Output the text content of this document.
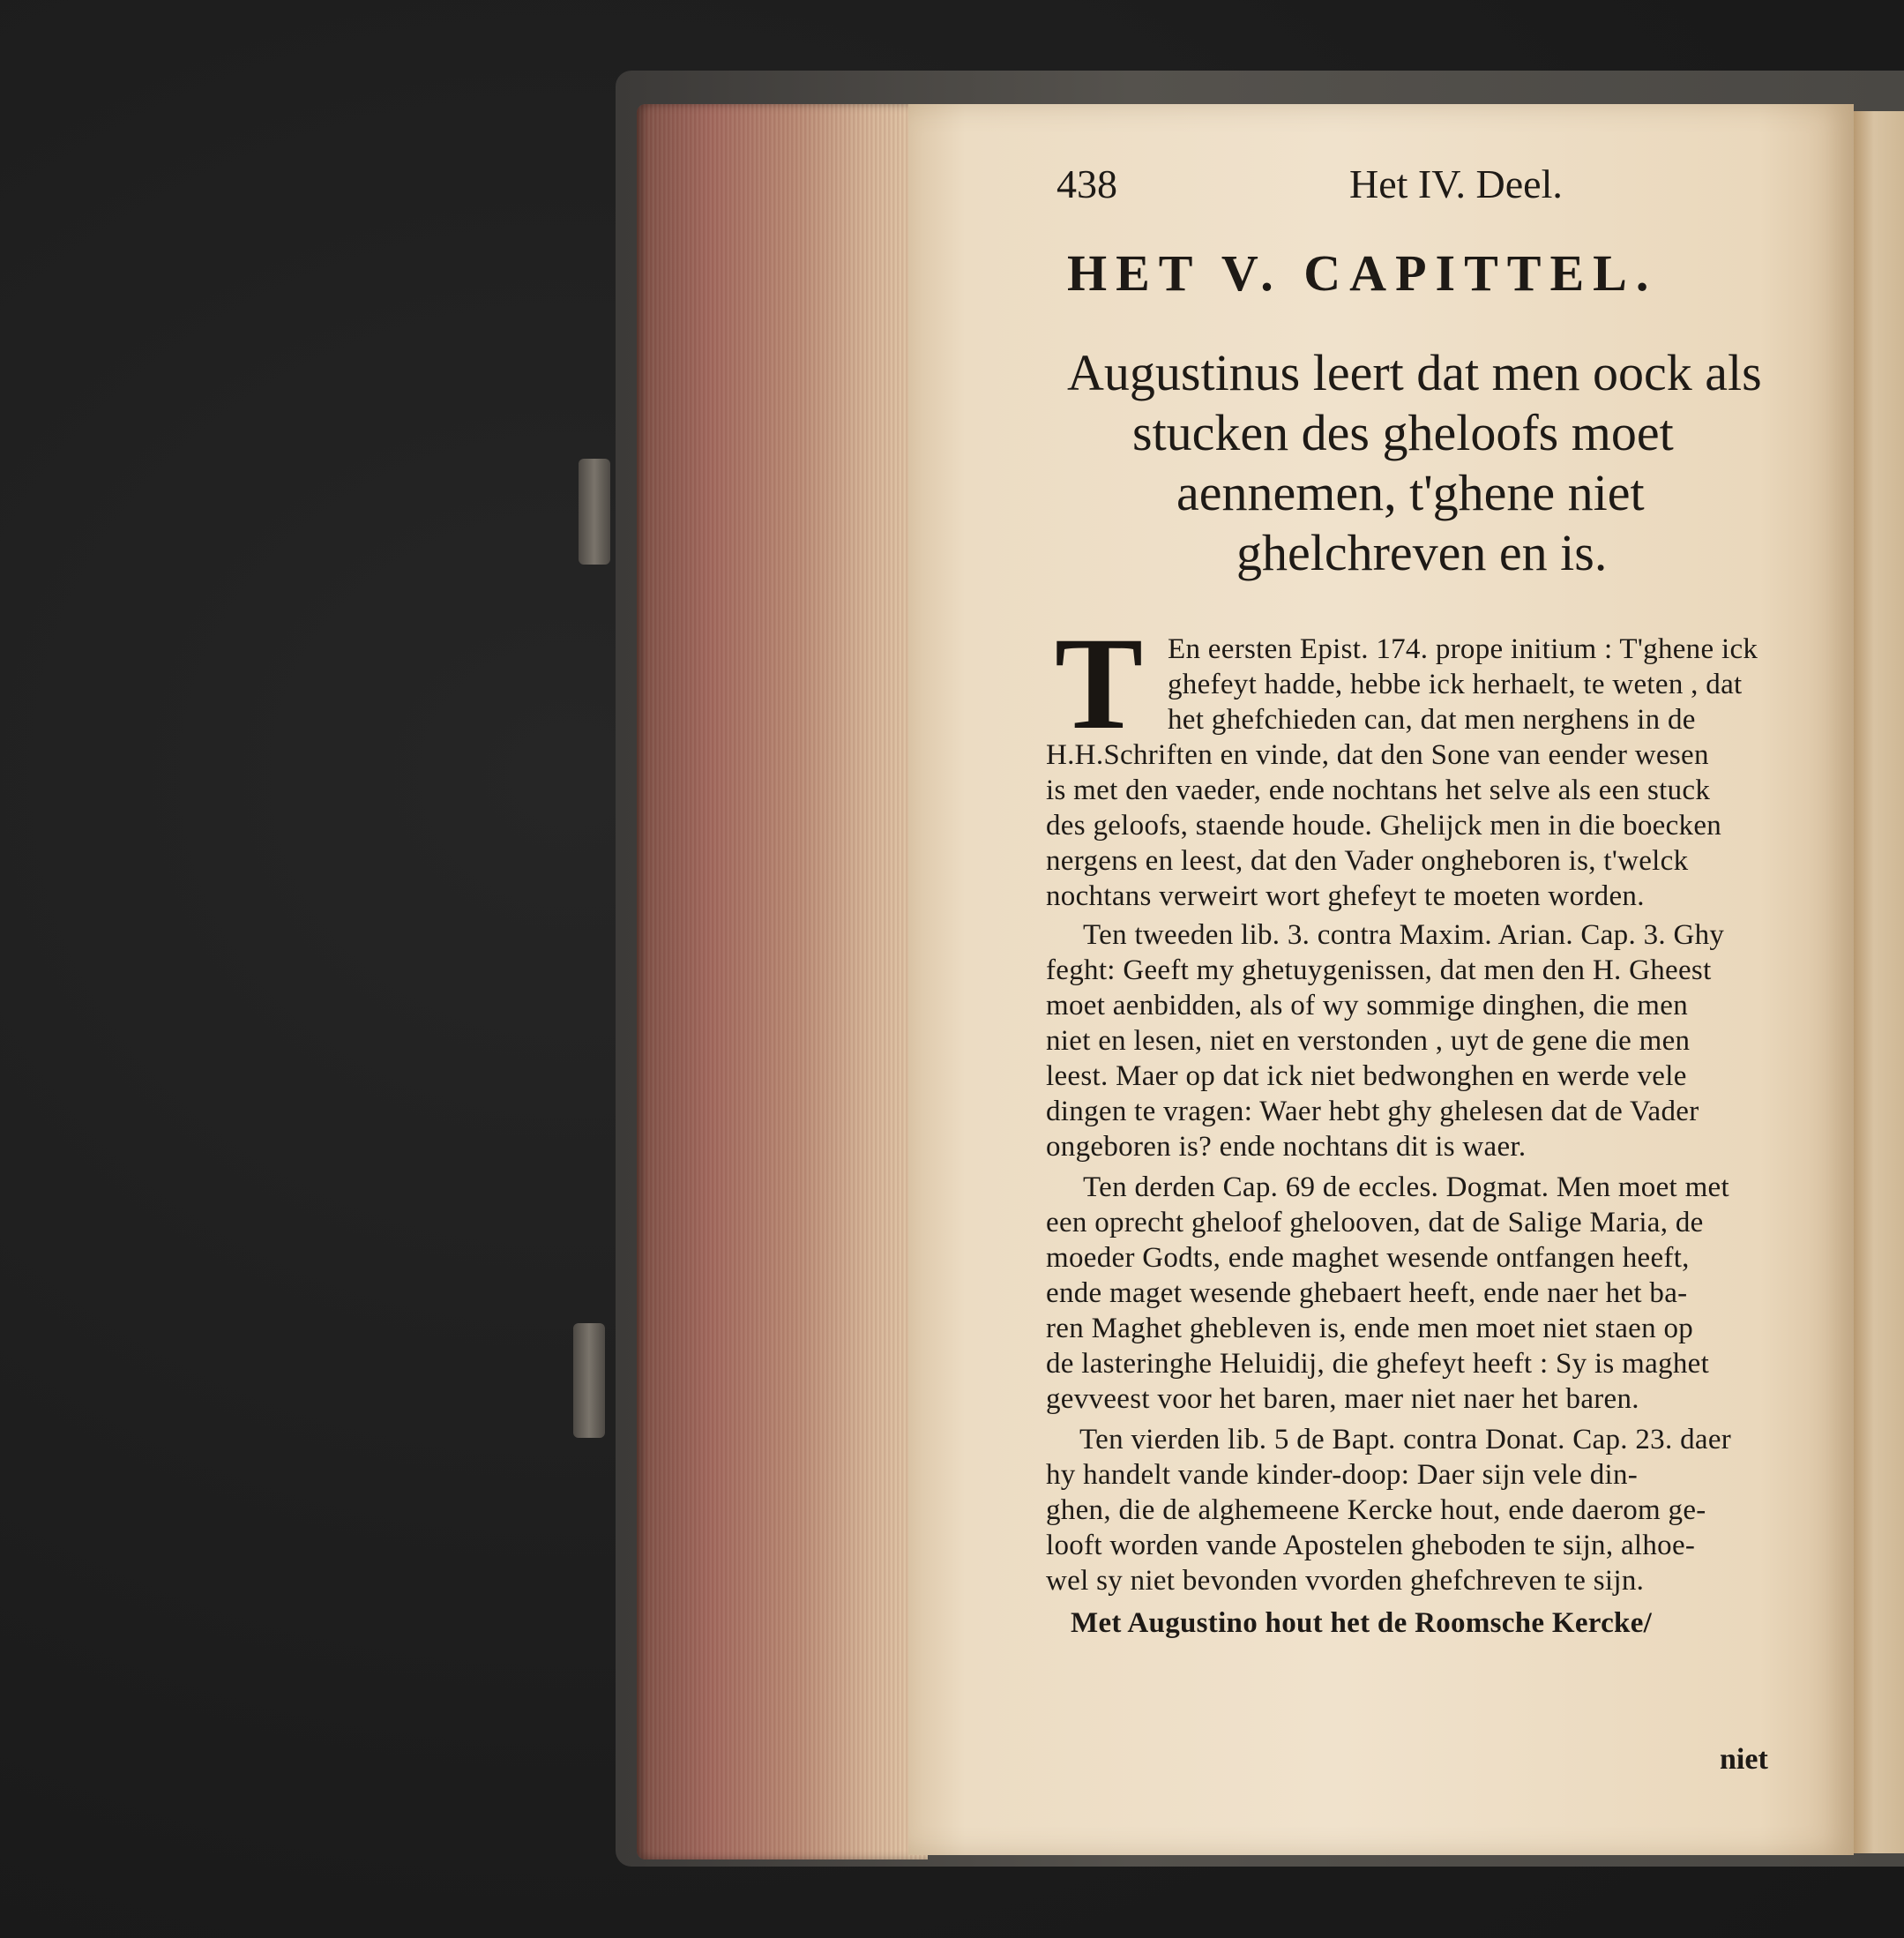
438	Het IV. Deel.
HET V. CAPITTEL.
Augustinus leert dat men oock als
stucken des gheloofs moet
aennemen, t'ghene niet
ghelchreven en is.
T En eersten Epist. 174. prope initium : T'ghene ick
ghefeyt hadde, hebbe ick herhaelt, te weten , dat
het ghefchieden can, dat men nerghens in de
H.H.Schriften en vinde, dat den Sone van eender wesen
is met den vaeder, ende nochtans het selve als een stuck
des geloofs, staende houde. Ghelijck men in die boecken
nergens en leest, dat den Vader ongheboren is, t'welck
nochtans verweirt wort ghefeyt te moeten worden.
Ten tweeden lib. 3. contra Maxim. Arian. Cap. 3. Ghy
feght: Geeft my ghetuygenissen, dat men den H. Gheest
moet aenbidden, als of wy sommige dinghen, die men
niet en lesen, niet en verstonden , uyt de gene die men
leest. Maer op dat ick niet bedwonghen en werde vele
dingen te vragen: Waer hebt ghy ghelesen dat de Vader
ongeboren is? ende nochtans dit is waer.
Ten derden Cap. 69 de eccles. Dogmat. Men moet met
een oprecht gheloof ghelooven, dat de Salige Maria, de
moeder Godts, ende maghet wesende ontfangen heeft,
ende maget wesende ghebaert heeft, ende naer het ba-
ren Maghet ghebleven is, ende men moet niet staen op
de lasteringhe Heluidij, die ghefeyt heeft : Sy is maghet
gevveest voor het baren, maer niet naer het baren.
Ten vierden lib. 5 de Bapt. contra Donat. Cap. 23. daer
hy handelt vande kinder-doop: Daer sijn vele din-
ghen, die de alghemeene Kercke hout, ende daerom ge-
looft worden vande Apostelen gheboden te sijn, alhoe-
wel sy niet bevonden vvorden ghefchreven te sijn.
Met Augustino hout het de Roomsche Kercke/
niet
